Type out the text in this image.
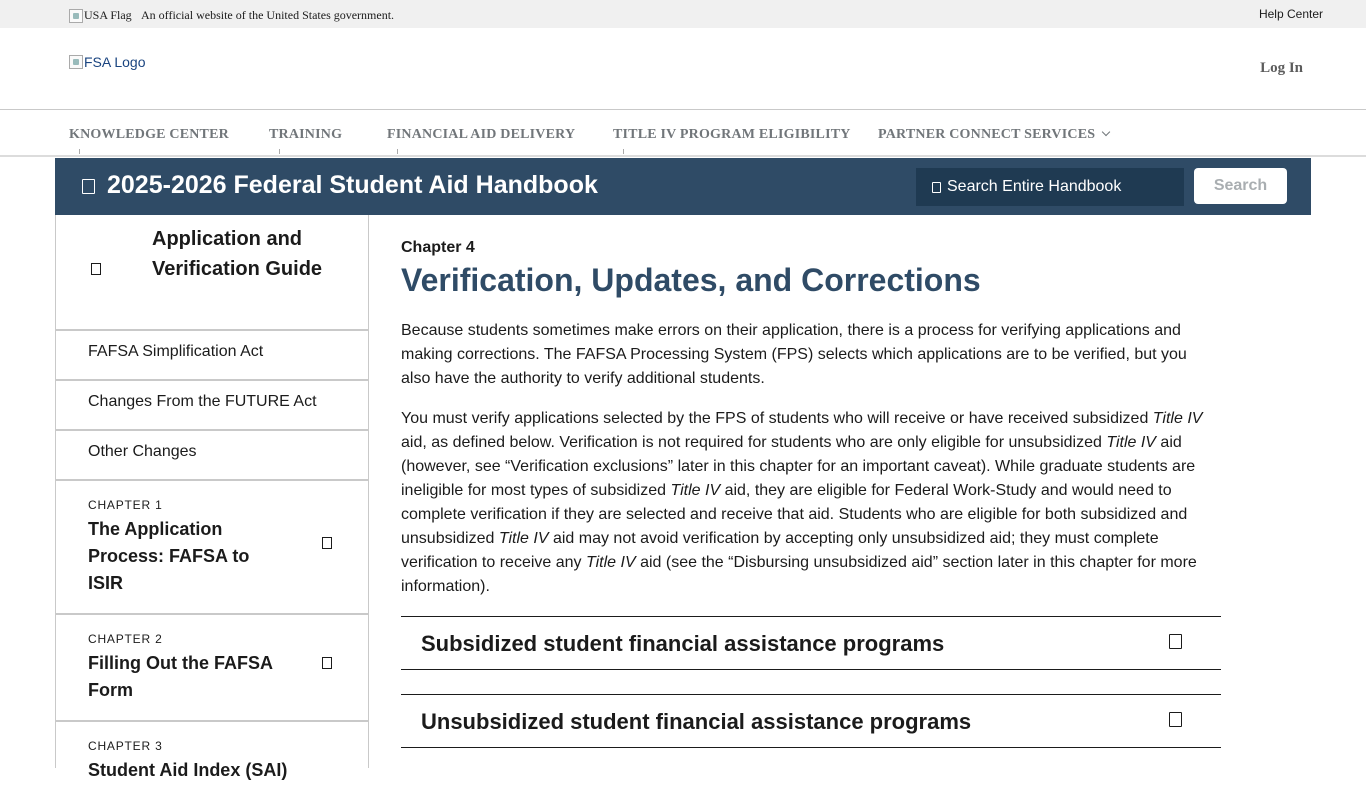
USA Flag An official website of the United States government.	Help Center
FSA Logo	Log In
KNOWLEDGE CENTER	TRAINING	FINANCIAL AID DELIVERY	TITLE IV PROGRAM ELIGIBILITY PARTNER CONNECT SERVICES
2025-2026 Federal Student Aid Handbook
Search Entire Handbook	Search
Application and Verification Guide
FAFSA Simplification Act
Changes From the FUTURE Act
Other Changes
CHAPTER 1
The Application Process: FAFSA to ISIR
CHAPTER 2
Filling Out the FAFSA Form
CHAPTER 3
Student Aid Index (SAI)
Chapter 4
Verification, Updates, and Corrections

Because students sometimes make errors on their application, there is a process for verifying applications and making corrections. The FAFSA Processing System (FPS) selects which applications are to be verified, but you also have the authority to verify additional students.

You must verify applications selected by the FPS of students who will receive or have received subsidized Title IV aid, as defined below. Verification is not required for students who are only eligible for unsubsidized Title IV aid (however, see “Verification exclusions” later in this chapter for an important caveat). While graduate students are ineligible for most types of subsidized Title IV aid, they are eligible for Federal Work-Study and would need to complete verification if they are selected and receive that aid. Students who are eligible for both subsidized and unsubsidized Title IV aid may not avoid verification by accepting only unsubsidized aid; they must complete verification to receive any Title IV aid (see the “Disbursing unsubsidized aid” section later in this chapter for more information).

Subsidized student financial assistance programs
Unsubsidized student financial assistance programs
